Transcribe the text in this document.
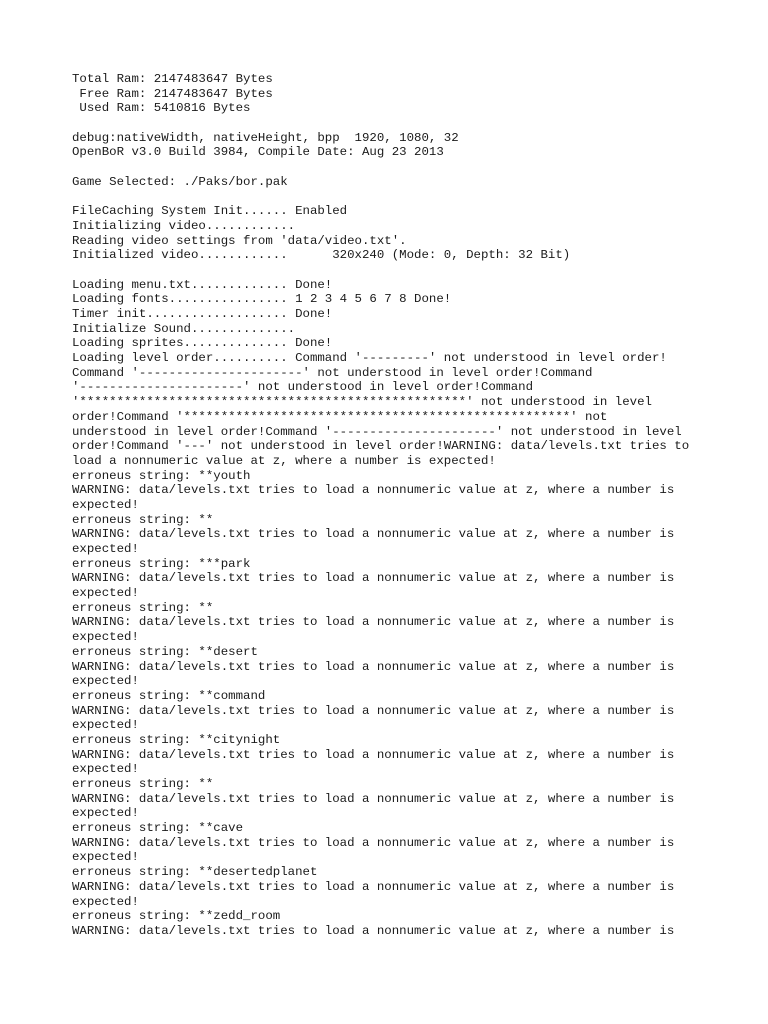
Total Ram: 2147483647 Bytes
Free Ram: 2147483647 Bytes
Used Ram: 5410816 Bytes
debug:nativeWidth, nativeHeight, bpp  1920, 1080, 32
OpenBoR v3.0 Build 3984, Compile Date: Aug 23 2013
Game Selected: ./Paks/bor.pak
FileCaching System Init...... Enabled
Initializing video............
Reading video settings from 'data/video.txt'.
Initialized video............      320x240 (Mode: 0, Depth: 32 Bit)
Loading menu.txt............. Done!
Loading fonts................ 1 2 3 4 5 6 7 8 Done!
Timer init................... Done!
Initialize Sound..............
Loading sprites.............. Done!
Loading level order.......... Command '---------' not understood in level order!
Command '----------------------' not understood in level order!Command
'----------------------' not understood in level order!Command
'****************************************************' not understood in level
order!Command '****************************************************' not
understood in level order!Command '----------------------' not understood in level
order!Command '---' not understood in level order!WARNING: data/levels.txt tries to
load a nonnumeric value at z, where a number is expected!
erroneus string: **youth
WARNING: data/levels.txt tries to load a nonnumeric value at z, where a number is
expected!
erroneus string: **
WARNING: data/levels.txt tries to load a nonnumeric value at z, where a number is
expected!
erroneus string: ***park
WARNING: data/levels.txt tries to load a nonnumeric value at z, where a number is
expected!
erroneus string: **
WARNING: data/levels.txt tries to load a nonnumeric value at z, where a number is
expected!
erroneus string: **desert
WARNING: data/levels.txt tries to load a nonnumeric value at z, where a number is
expected!
erroneus string: **command
WARNING: data/levels.txt tries to load a nonnumeric value at z, where a number is
expected!
erroneus string: **citynight
WARNING: data/levels.txt tries to load a nonnumeric value at z, where a number is
expected!
erroneus string: **
WARNING: data/levels.txt tries to load a nonnumeric value at z, where a number is
expected!
erroneus string: **cave
WARNING: data/levels.txt tries to load a nonnumeric value at z, where a number is
expected!
erroneus string: **desertedplanet
WARNING: data/levels.txt tries to load a nonnumeric value at z, where a number is
expected!
erroneus string: **zedd_room
WARNING: data/levels.txt tries to load a nonnumeric value at z, where a number is
